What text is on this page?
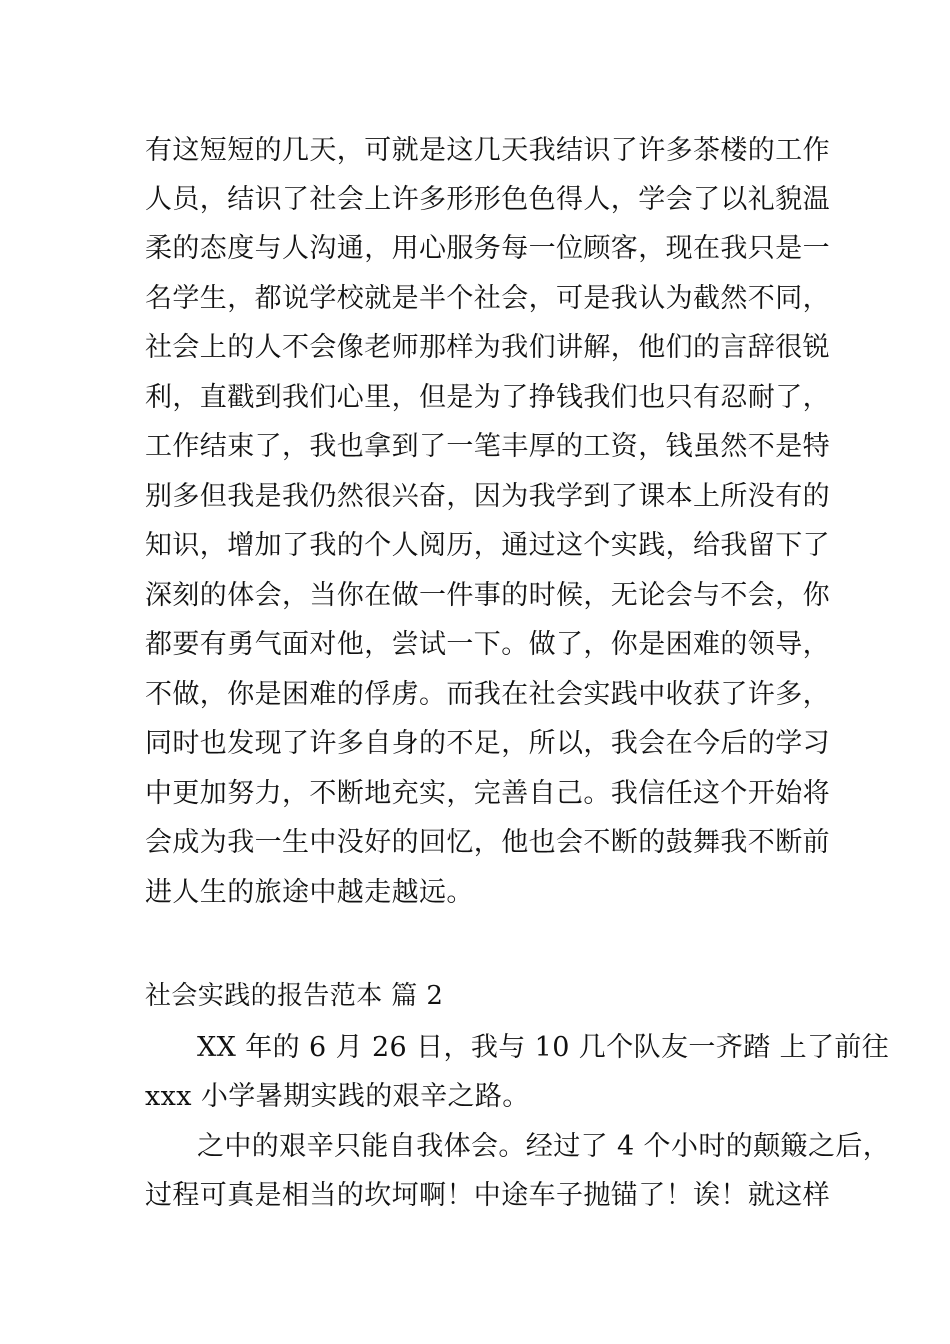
有这短短的几天，可就是这几天我结识了许多茶楼的工作
人员，结识了社会上许多形形色色得人，学会了以礼貌温
柔的态度与人沟通，用心服务每一位顾客，现在我只是一
名学生，都说学校就是半个社会，可是我认为截然不同，
社会上的人不会像老师那样为我们讲解，他们的言辞很锐
利，直戳到我们心里，但是为了挣钱我们也只有忍耐了，
工作结束了，我也拿到了一笔丰厚的工资，钱虽然不是特
别多但我是我仍然很兴奋，因为我学到了课本上所没有的
知识，增加了我的个人阅历，通过这个实践，给我留下了
深刻的体会，当你在做一件事的时候，无论会与不会，你
都要有勇气面对他，尝试一下。做了，你是困难的领导，
不做，你是困难的俘虏。而我在社会实践中收获了许多，
同时也发现了许多自身的不足，所以，我会在今后的学习
中更加努力，不断地充实，完善自己。我信任这个开始将
会成为我一生中没好的回忆，他也会不断的鼓舞我不断前
进人生的旅途中越走越远。
社会实践的报告范本 篇 2
XX 年的 6 月 26 日，我与 10 几个队友一齐踏 上了前往
xxx 小学暑期实践的艰辛之路。
之中的艰辛只能自我体会。经过了 4 个小时的颠簸之后，
过程可真是相当的坎坷啊！中途车子抛锚了！诶！就这样
